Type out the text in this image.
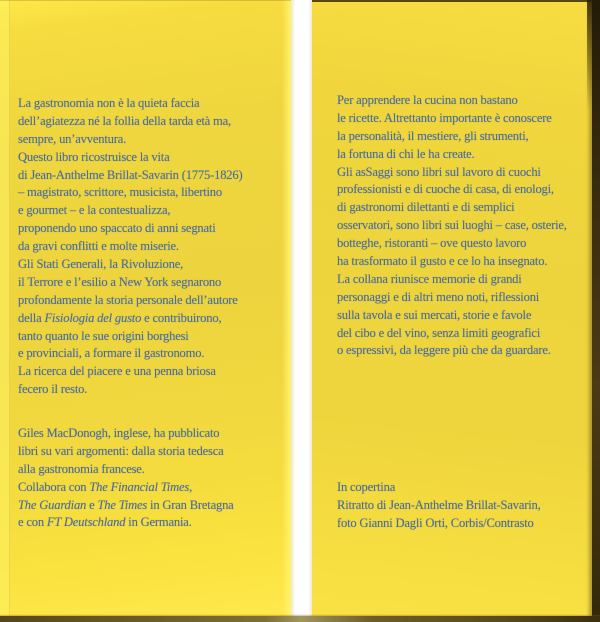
La gastronomia non è la quieta faccia
dell’agiatezza né la follia della tarda età ma,
sempre, un’avventura.
Questo libro ricostruisce la vita
di Jean-Anthelme Brillat-Savarin (1775-1826)
– magistrato, scrittore, musicista, libertino
e gourmet – e la contestualizza,
proponendo uno spaccato di anni segnati
da gravi conflitti e molte miserie.
Gli Stati Generali, la Rivoluzione,
il Terrore e l’esilio a New York segnarono
profondamente la storia personale dell’autore
della Fisiologia del gusto e contribuirono,
tanto quanto le sue origini borghesi
e provinciali, a formare il gastronomo.
La ricerca del piacere e una penna briosa
fecero il resto.
Giles MacDonogh, inglese, ha pubblicato
libri su vari argomenti: dalla storia tedesca
alla gastronomia francese.
Collabora con The Financial Times,
The Guardian e The Times in Gran Bretagna
e con FT Deutschland in Germania.
Per apprendere la cucina non bastano
le ricette. Altrettanto importante è conoscere
la personalità, il mestiere, gli strumenti,
la fortuna di chi le ha create.
Gli asSaggi sono libri sul lavoro di cuochi
professionisti e di cuoche di casa, di enologi,
di gastronomi dilettanti e di semplici
osservatori, sono libri sui luoghi – case, osterie,
botteghe, ristoranti – ove questo lavoro
ha trasformato il gusto e ce lo ha insegnato.
La collana riunisce memorie di grandi
personaggi e di altri meno noti, riflessioni
sulla tavola e sui mercati, storie e favole
del cibo e del vino, senza limiti geografici
o espressivi, da leggere più che da guardare.
In copertina
Ritratto di Jean-Anthelme Brillat-Savarin,
foto Gianni Dagli Orti, Corbis/Contrasto
